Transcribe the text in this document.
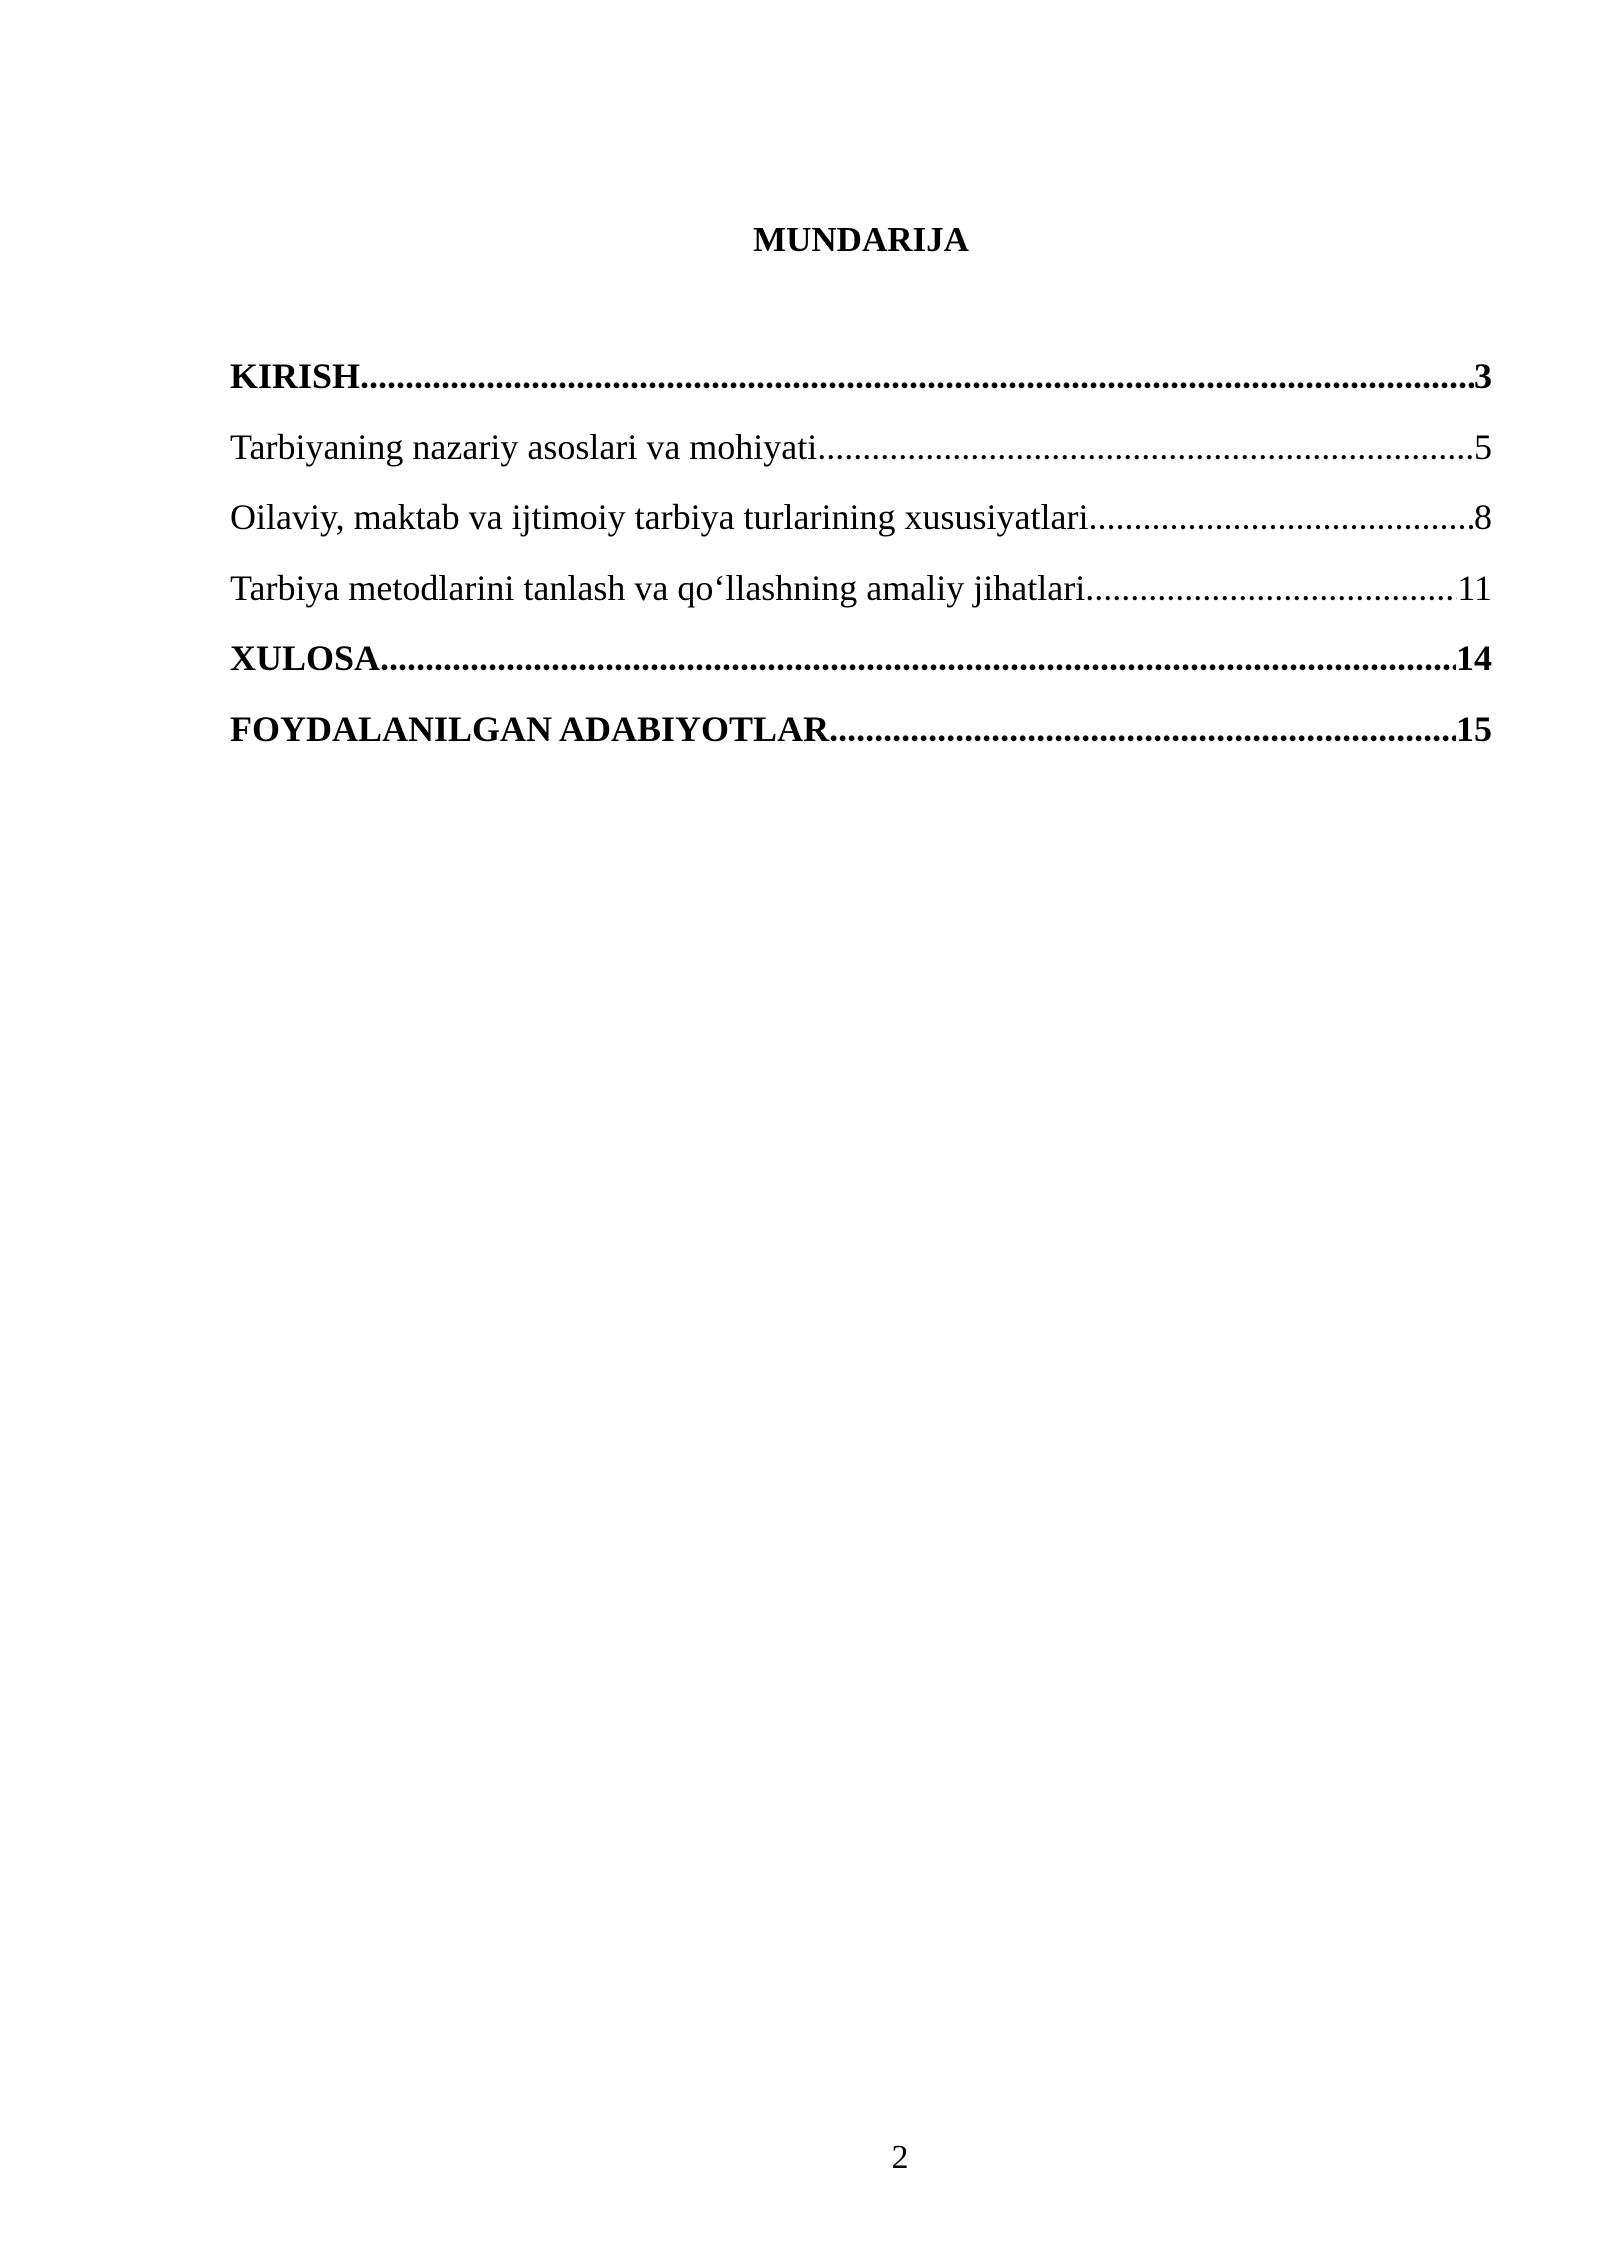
MUNDARIJA
KIRISH .....	3
Tarbiyaning nazariy asoslari va mohiyati .....	5
Oilaviy, maktab va ijtimoiy tarbiya turlarining xususiyatlari .....	8
Tarbiya metodlarini tanlash va qo‘llashning amaliy jihatlari .....	11
XULOSA .....	14
FOYDALANILGAN ADABIYOTLAR .....	15
2
